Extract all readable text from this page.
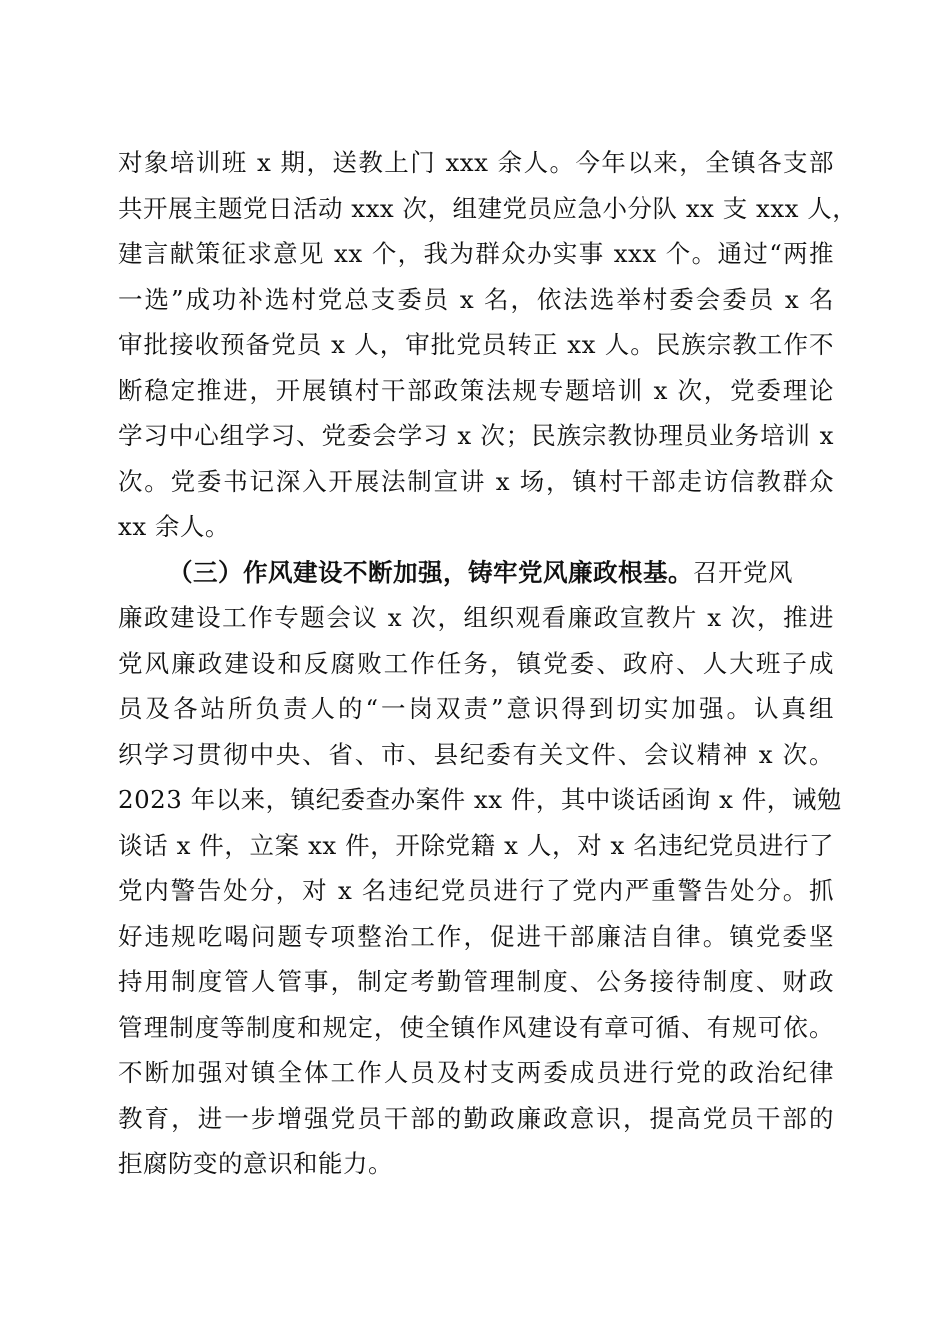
对象培训班 x 期，送教上门 xxx 余人。今年以来，全镇各支部
共开展主题党日活动 xxx 次，组建党员应急小分队 xx 支 xxx 人，
建言献策征求意见 xx 个，我为群众办实事 xxx 个。通过“两推
一选”成功补选村党总支委员 x 名，依法选举村委会委员 x 名
审批接收预备党员 x 人，审批党员转正 xx 人。民族宗教工作不
断稳定推进，开展镇村干部政策法规专题培训 x 次，党委理论
学习中心组学习、党委会学习 x 次；民族宗教协理员业务培训 x
次。党委书记深入开展法制宣讲 x 场，镇村干部走访信教群众
xx 余人。
（三）作风建设不断加强，铸牢党风廉政根基。召开党风
廉政建设工作专题会议 x 次，组织观看廉政宣教片 x 次，推进
党风廉政建设和反腐败工作任务，镇党委、政府、人大班子成
员及各站所负责人的“一岗双责”意识得到切实加强。认真组
织学习贯彻中央、省、市、县纪委有关文件、会议精神 x 次。
2023 年以来，镇纪委查办案件 xx 件，其中谈话函询 x 件，诫勉
谈话 x 件，立案 xx 件，开除党籍 x 人，对 x 名违纪党员进行了
党内警告处分，对 x 名违纪党员进行了党内严重警告处分。抓
好违规吃喝问题专项整治工作，促进干部廉洁自律。镇党委坚
持用制度管人管事，制定考勤管理制度、公务接待制度、财政
管理制度等制度和规定，使全镇作风建设有章可循、有规可依。
不断加强对镇全体工作人员及村支两委成员进行党的政治纪律
教育，进一步增强党员干部的勤政廉政意识，提高党员干部的
拒腐防变的意识和能力。
